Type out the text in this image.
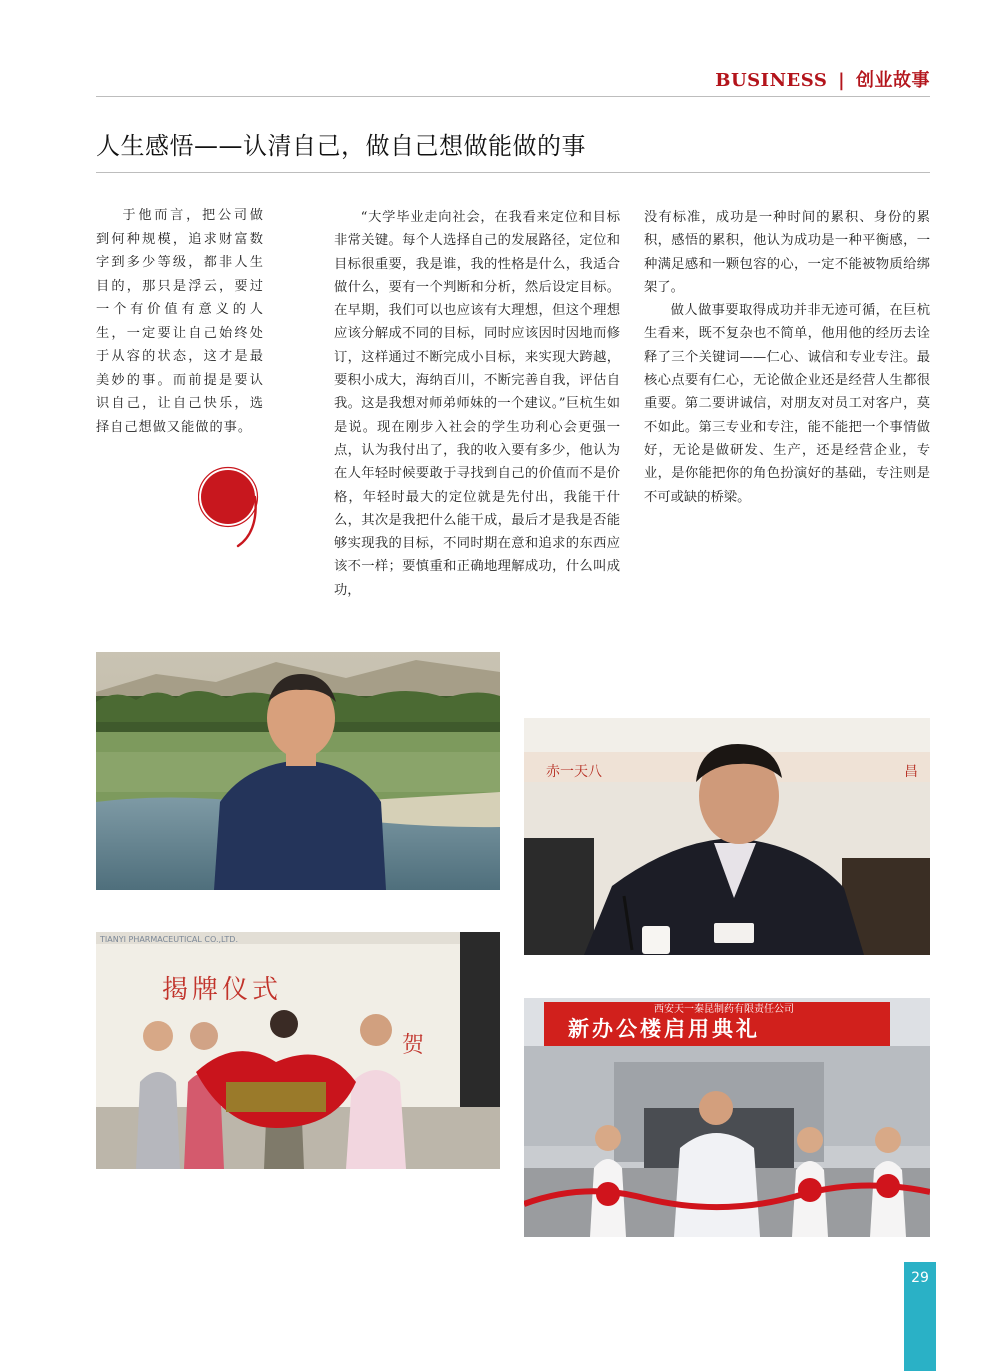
BUSINESS | 创业故事
人生感悟——认清自己，做自己想做能做的事
于他而言，把公司做到何种规模，追求财富数字到多少等级，都非人生目的，那只是浮云，要过一个有价值有意义的人生，一定要让自己始终处于从容的状态，这才是最美妙的事。而前提是要认识自己，让自己快乐，选择自己想做又能做的事。

“大学毕业走向社会，在我看来定位和目标非常关键。每个人选择自己的发展路径，定位和目标很重要，我是谁，我的性格是什么，我适合做什么，要有一个判断和分析，然后设定目标。在早期，我们可以也应该有大理想，但这个理想应该分解成不同的目标，同时应该因时因地而修订，这样通过不断完成小目标，来实现大跨越，要积小成大，海纳百川，不断完善自我，评估自我。这是我想对师弟师妹的一个建议。”巨杭生如是说。现在刚步入社会的学生功利心会更强一点，认为我付出了，我的收入要有多少，他认为在人年轻时候要敢于寻找到自己的价值而不是价格，年轻时最大的定位就是先付出，我能干什么，其次是我把什么能干成，最后才是我是否能够实现我的目标，不同时期在意和追求的东西应该不一样；要慎重和正确地理解成功，什么叫成功，

没有标准，成功是一种时间的累积、身份的累积，感悟的累积，他认为成功是一种平衡感，一种满足感和一颗包容的心，一定不能被物质给绑架了。

做人做事要取得成功并非无迹可循，在巨杭生看来，既不复杂也不简单，他用他的经历去诠释了三个关键词——仁心、诚信和专业专注。最核心点要有仁心，无论做企业还是经营人生都很重要。第二要讲诚信，对朋友对员工对客户，莫不如此。第三专业和专注，能不能把一个事情做好，无论是做研发、生产，还是经营企业，专业，是你能把你的角色扮演好的基础，专注则是不可或缺的桥梁。

赤一天八	昌
TIANYI PHARMACEUTICAL CO.,LTD.
揭牌仪式
贺
西安天一秦昆制药有限责任公司
新办公楼启用典礼
29
